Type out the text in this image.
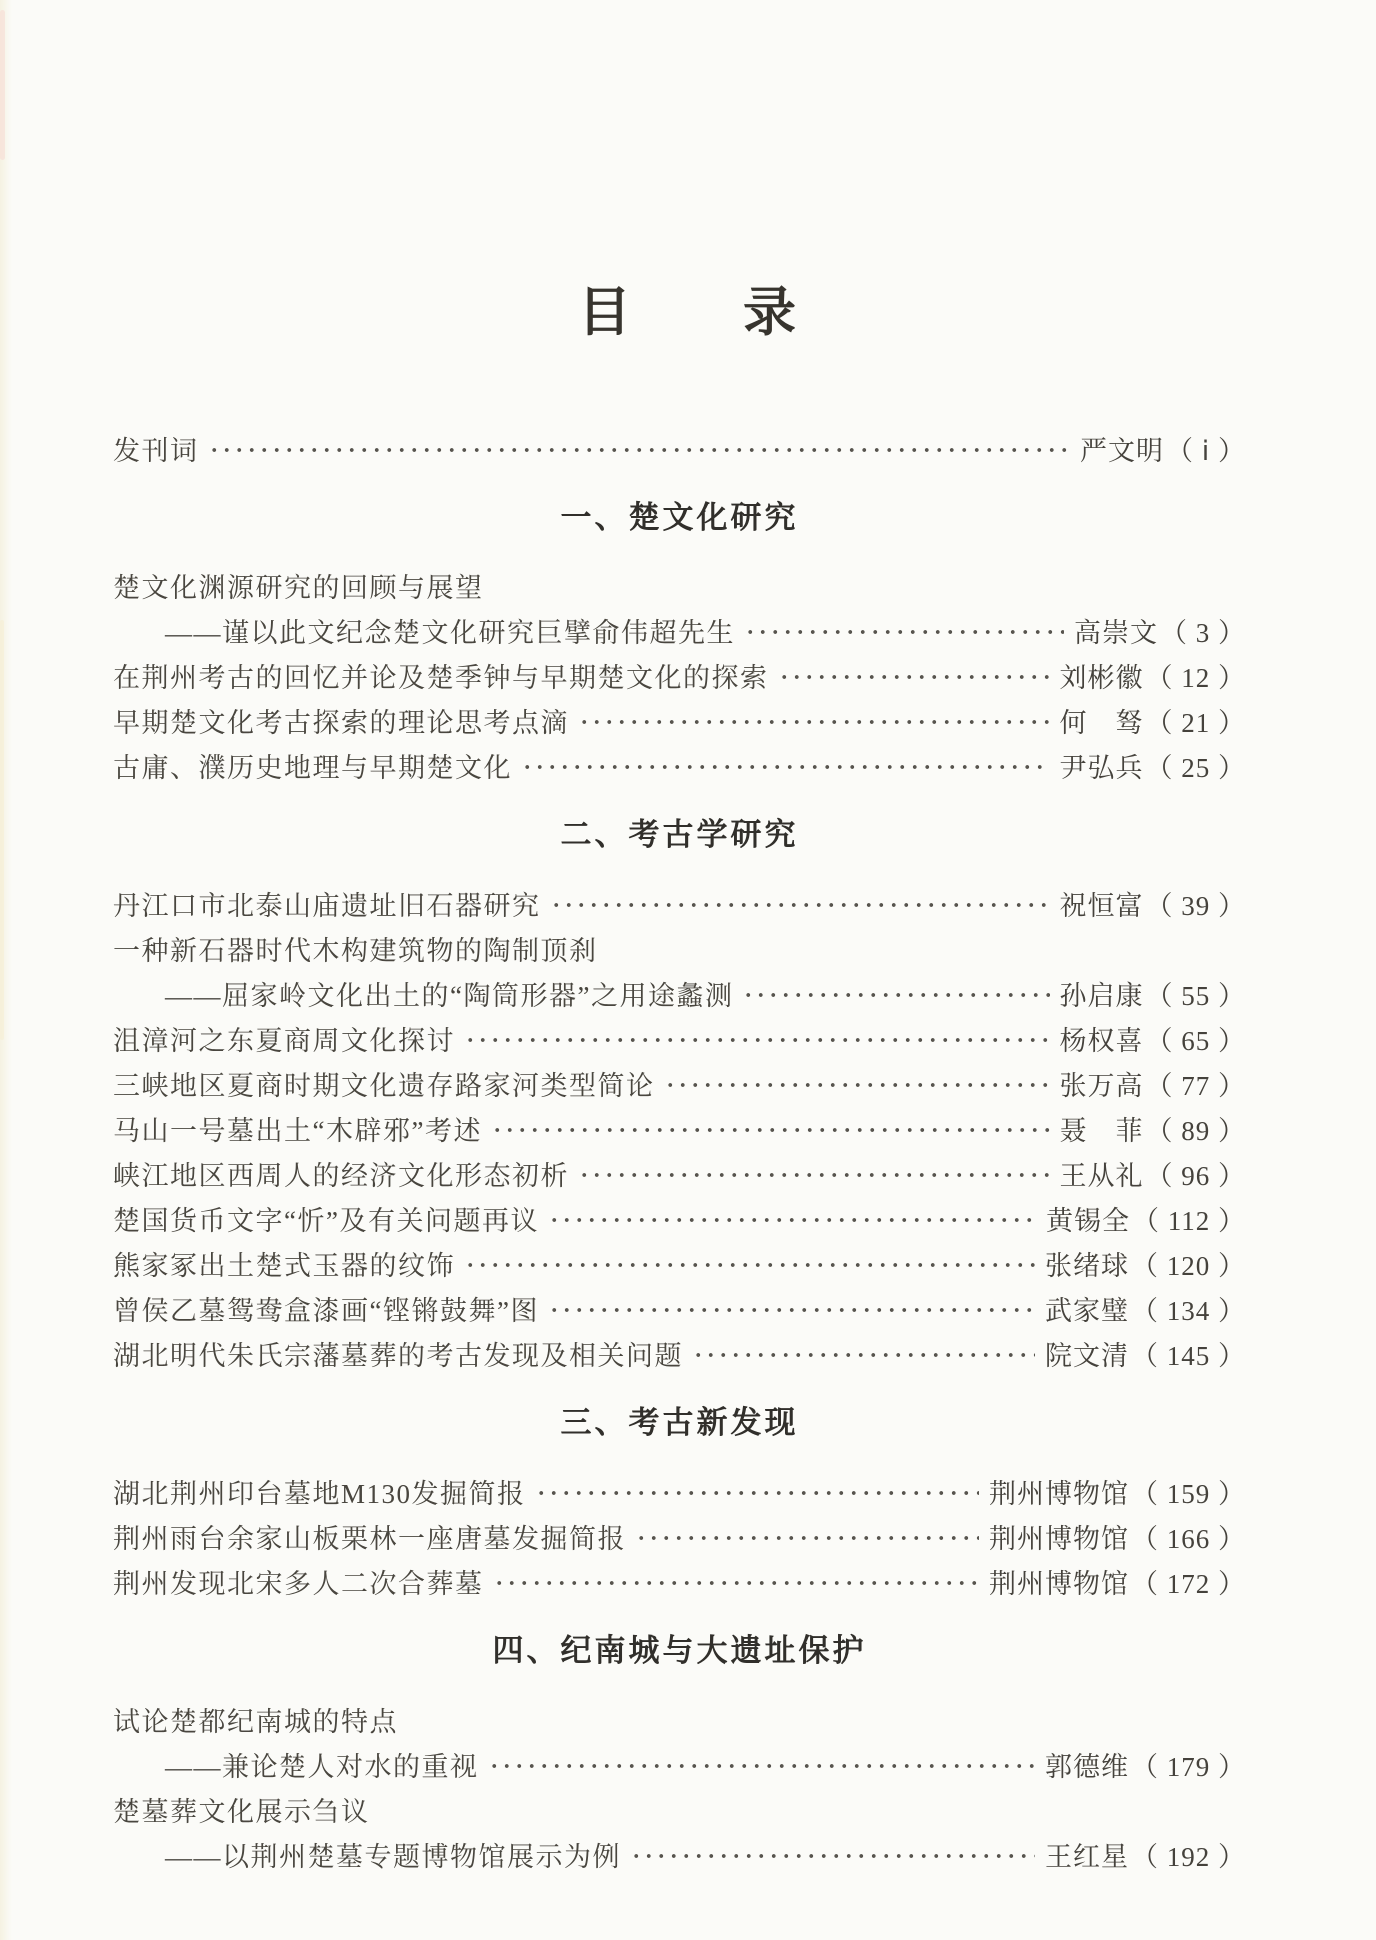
目　　录
发刊词	严文明（ ⅰ ）
一、楚文化研究
楚文化渊源研究的回顾与展望
——谨以此文纪念楚文化研究巨擘俞伟超先生	高崇文（ 3 ）
在荆州考古的回忆并论及楚季钟与早期楚文化的探索	刘彬徽（ 12 ）
早期楚文化考古探索的理论思考点滴	何　驽（ 21 ）
古庸、濮历史地理与早期楚文化	尹弘兵（ 25 ）
二、考古学研究
丹江口市北泰山庙遗址旧石器研究	祝恒富（ 39 ）
一种新石器时代木构建筑物的陶制顶刹
——屈家岭文化出土的“陶筒形器”之用途蠡测	孙启康（ 55 ）
沮漳河之东夏商周文化探讨	杨权喜（ 65 ）
三峡地区夏商时期文化遗存路家河类型简论	张万高（ 77 ）
马山一号墓出土“木辟邪”考述	聂　菲（ 89 ）
峡江地区西周人的经济文化形态初析	王从礼（ 96 ）
楚国货币文字“忻”及有关问题再议	黄锡全（ 112 ）
熊家冢出土楚式玉器的纹饰	张绪球（ 120 ）
曾侯乙墓鸳鸯盒漆画“铿锵鼓舞”图	武家璧（ 134 ）
湖北明代朱氏宗藩墓葬的考古发现及相关问题	院文清（ 145 ）
三、考古新发现
湖北荆州印台墓地M130发掘简报	荆州博物馆（ 159 ）
荆州雨台余家山板栗林一座唐墓发掘简报	荆州博物馆（ 166 ）
荆州发现北宋多人二次合葬墓	荆州博物馆（ 172 ）
四、纪南城与大遗址保护
试论楚都纪南城的特点
——兼论楚人对水的重视	郭德维（ 179 ）
楚墓葬文化展示刍议
——以荆州楚墓专题博物馆展示为例	王红星（ 192 ）
